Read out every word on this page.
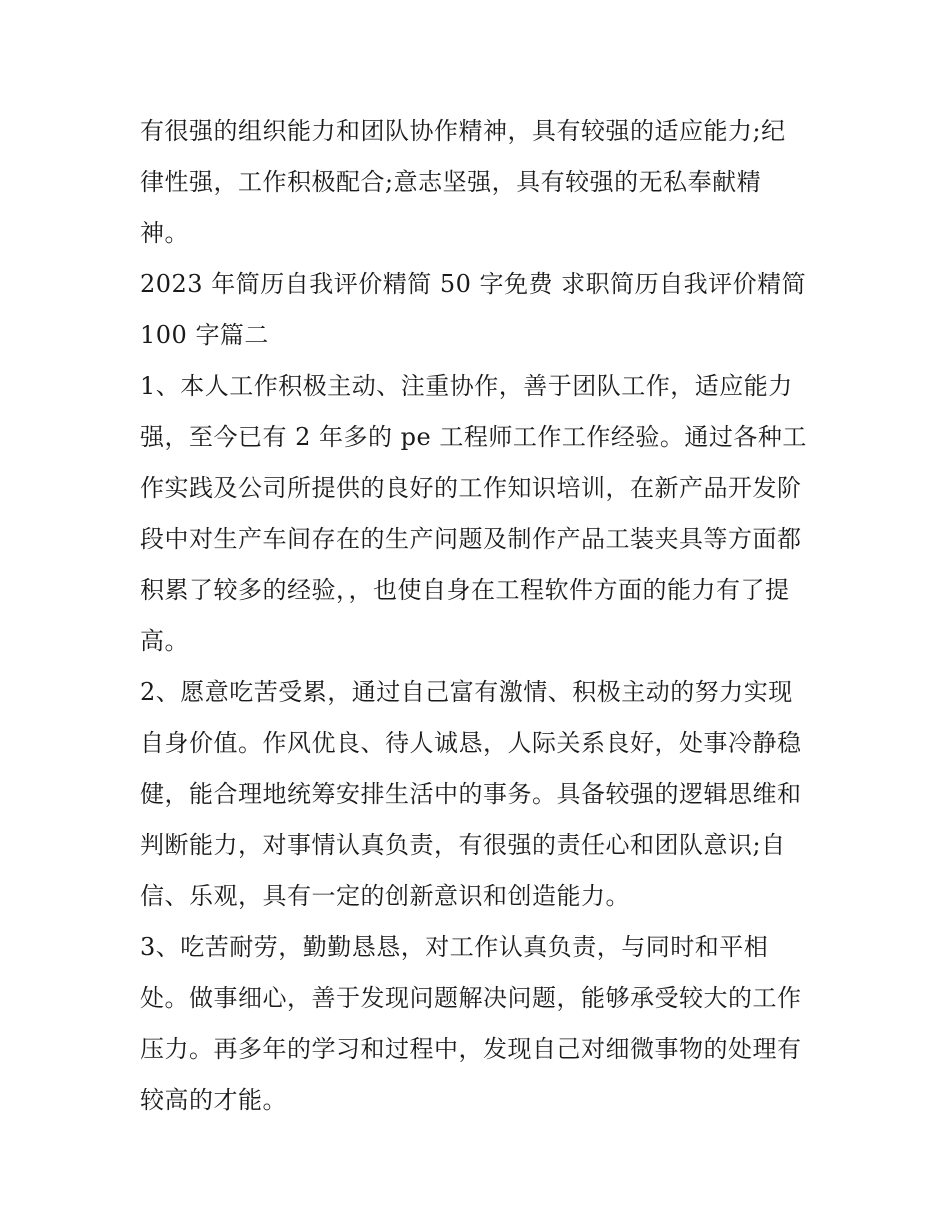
有很强的组织能力和团队协作精神，具有较强的适应能力;纪
律性强，工作积极配合;意志坚强，具有较强的无私奉献精
神。
2023 年简历自我评价精简 50 字免费 求职简历自我评价精简
100 字篇二
1、本人工作积极主动、注重协作，善于团队工作，适应能力
强，至今已有 2 年多的 pe 工程师工作工作经验。通过各种工
作实践及公司所提供的良好的工作知识培训，在新产品开发阶
段中对生产车间存在的生产问题及制作产品工装夹具等方面都
积累了较多的经验，，也使自身在工程软件方面的能力有了提
高。
2、愿意吃苦受累，通过自己富有激情、积极主动的努力实现
自身价值。作风优良、待人诚恳，人际关系良好，处事冷静稳
健，能合理地统筹安排生活中的事务。具备较强的逻辑思维和
判断能力，对事情认真负责，有很强的责任心和团队意识;自
信、乐观，具有一定的创新意识和创造能力。
3、吃苦耐劳，勤勤恳恳，对工作认真负责，与同时和平相
处。做事细心，善于发现问题解决问题，能够承受较大的工作
压力。再多年的学习和过程中，发现自己对细微事物的处理有
较高的才能。
